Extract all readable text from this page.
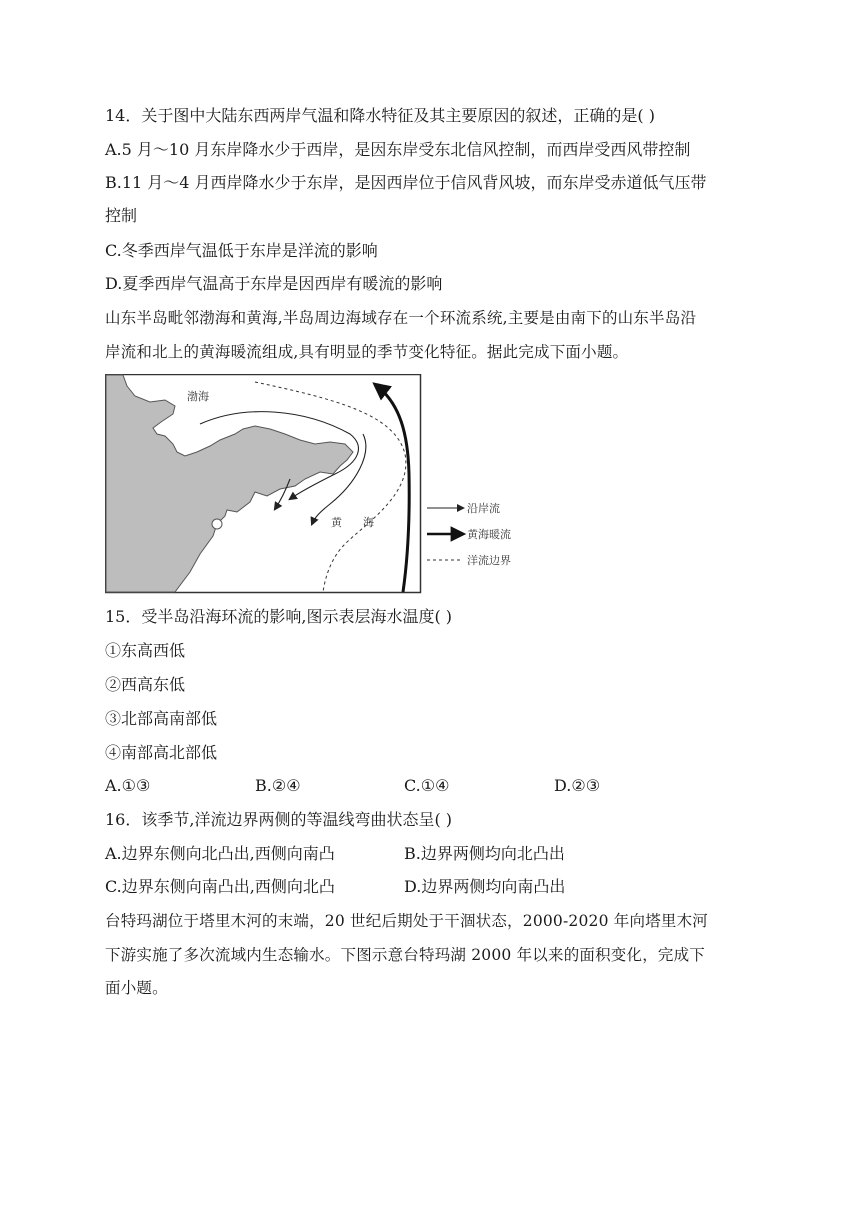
14．关于图中大陆东西两岸气温和降水特征及其主要原因的叙述，正确的是( )
A.5 月～10 月东岸降水少于西岸，是因东岸受东北信风控制，而西岸受西风带控制
B.11 月～4 月西岸降水少于东岸，是因西岸位于信风背风坡，而东岸受赤道低气压带
控制
C.冬季西岸气温低于东岸是洋流的影响
D.夏季西岸气温高于东岸是因西岸有暖流的影响
山东半岛毗邻渤海和黄海,半岛周边海域存在一个环流系统,主要是由南下的山东半岛沿
岸流和北上的黄海暖流组成,具有明显的季节变化特征。据此完成下面小题。
渤海
黄 海
沿岸流
黄海暖流
洋流边界
15．受半岛沿海环流的影响,图示表层海水温度( )
①东高西低
②西高东低
③北部高南部低
④南部高北部低
A.①③	B.②④	C.①④	D.②③
16．该季节,洋流边界两侧的等温线弯曲状态呈( )
A.边界东侧向北凸出,西侧向南凸	B.边界两侧均向北凸出
C.边界东侧向南凸出,西侧向北凸	D.边界两侧均向南凸出
台特玛湖位于塔里木河的末端，20 世纪后期处于干涸状态，2000-2020 年向塔里木河
下游实施了多次流域内生态输水。下图示意台特玛湖 2000 年以来的面积变化，完成下
面小题。
